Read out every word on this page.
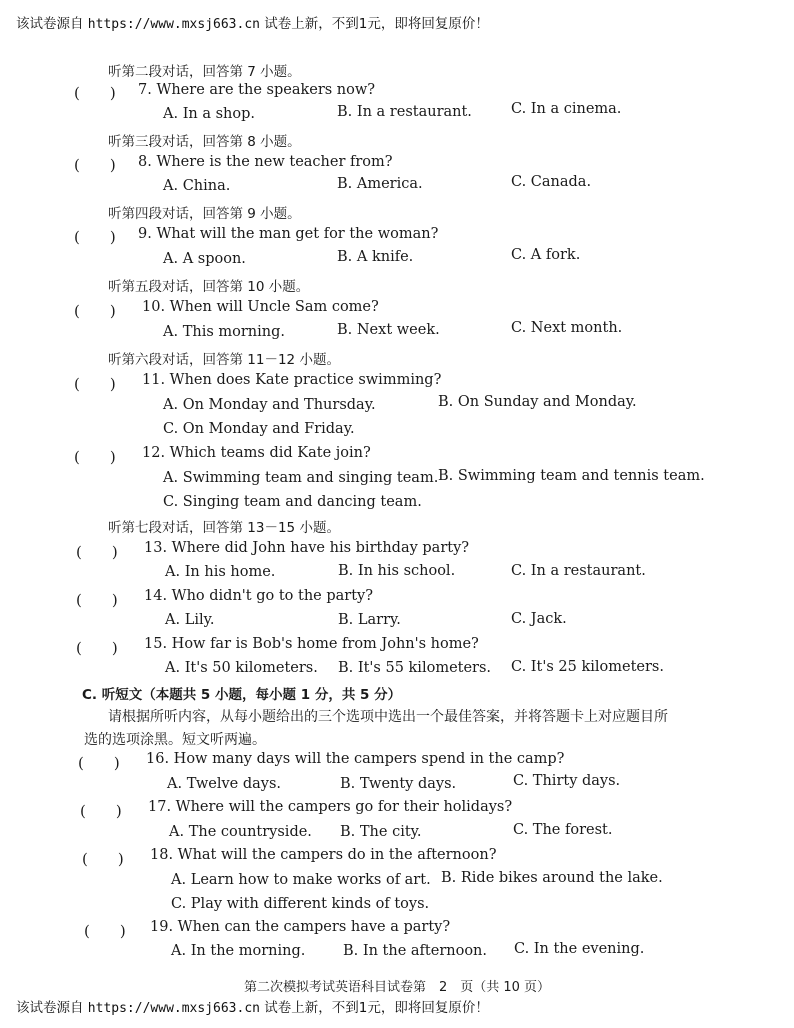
该试卷源自 https://www.mxsj663.cn 试卷上新，不到1元，即将回复原价！
听第二段对话，回答第 7 小题。
(　　) 7. Where are the speakers now?
A. In a shop.	B. In a restaurant.	C. In a cinema.
听第三段对话，回答第 8 小题。
(　　) 8. Where is the new teacher from?
A. China.	B. America.	C. Canada.
听第四段对话，回答第 9 小题。
(　　) 9. What will the man get for the woman?
A. A spoon.	B. A knife.	C. A fork.
听第五段对话，回答第 10 小题。
(　　) 10. When will Uncle Sam come?
A. This morning.	B. Next week.	C. Next month.
听第六段对话，回答第 11－12 小题。
(　　) 11. When does Kate practice swimming?
A. On Monday and Thursday.	B. On Sunday and Monday.
C. On Monday and Friday.
(　　) 12. Which teams did Kate join?
A. Swimming team and singing team. B. Swimming team and tennis team.
C. Singing team and dancing team.
听第七段对话，回答第 13－15 小题。
(　　) 13. Where did John have his birthday party?
A. In his home.	B. In his school.	C. In a restaurant.
(　　) 14. Who didn't go to the party?
A. Lily.	B. Larry.	C. Jack.
(　　) 15. How far is Bob's home from John's home?
A. It's 50 kilometers. B. It's 55 kilometers. C. It's 25 kilometers.
C. 听短文（本题共 5 小题，每小题 1 分，共 5 分）
请根据所听内容，从每小题给出的三个选项中选出一个最佳答案，并将答题卡上对应题目所
选的选项涂黑。短文听两遍。
(　　) 16. How many days will the campers spend in the camp?
A. Twelve days.	B. Twenty days.	C. Thirty days.
(　　) 17. Where will the campers go for their holidays?
A. The countryside. B. The city.	C. The forest.
(　　) 18. What will the campers do in the afternoon?
A. Learn how to make works of art. B. Ride bikes around the lake.
C. Play with different kinds of toys.
(　　) 19. When can the campers have a party?
A. In the morning.	B. In the afternoon. C. In the evening.
第二次模拟考试英语科目试卷第　2　页（共 10 页）
该试卷源自 https://www.mxsj663.cn 试卷上新，不到1元，即将回复原价！
